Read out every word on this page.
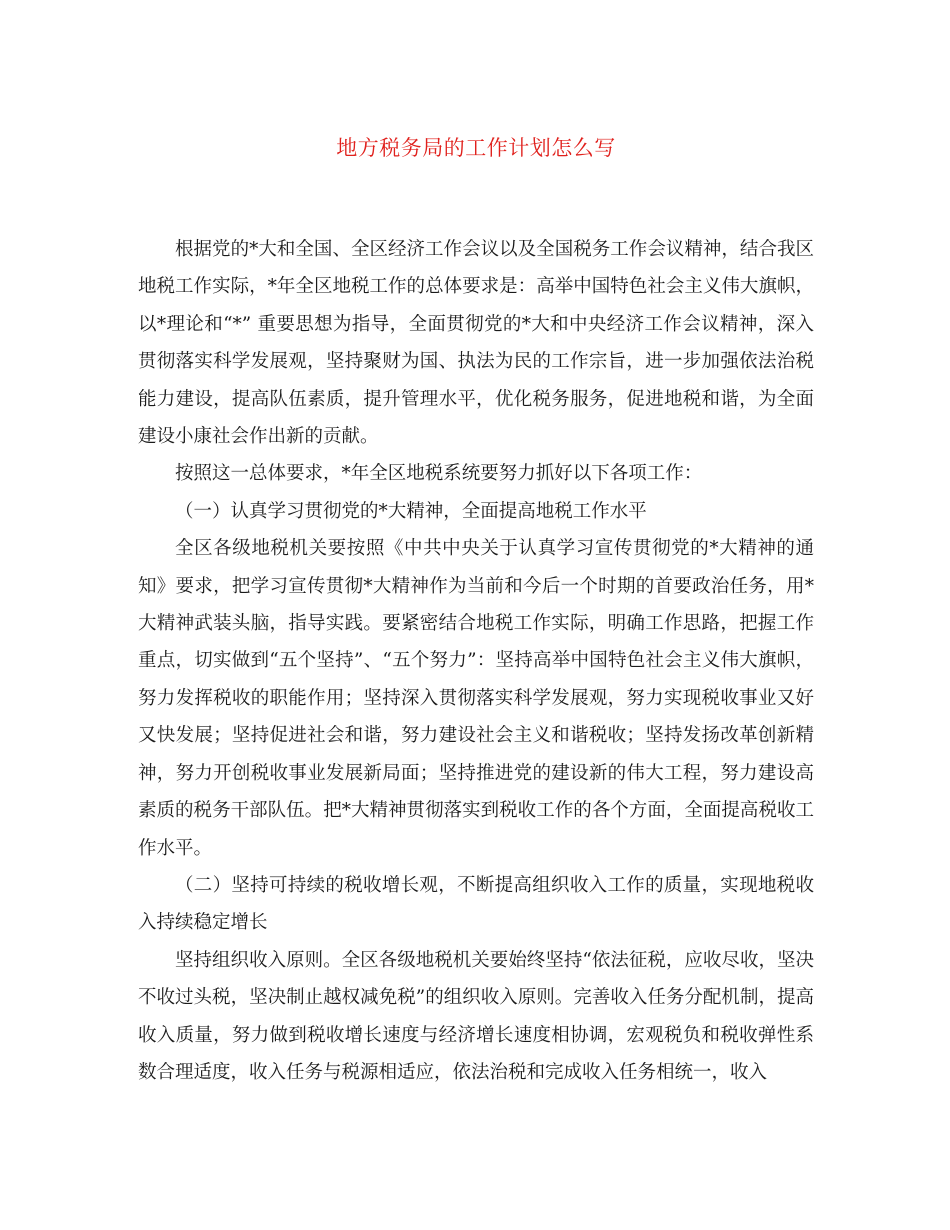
地方税务局的工作计划怎么写

根据党的*大和全国、全区经济工作会议以及全国税务工作会议精神，结合我区地税工作实际，*年全区地税工作的总体要求是：高举中国特色社会主义伟大旗帜，以*理论和“*” 重要思想为指导，全面贯彻党的*大和中央经济工作会议精神，深入贯彻落实科学发展观，坚持聚财为国、执法为民的工作宗旨，进一步加强依法治税能力建设，提高队伍素质，提升管理水平，优化税务服务，促进地税和谐，为全面建设小康社会作出新的贡献。

按照这一总体要求，*年全区地税系统要努力抓好以下各项工作：

（一）认真学习贯彻党的*大精神，全面提高地税工作水平

全区各级地税机关要按照《中共中央关于认真学习宣传贯彻党的*大精神的通知》要求，把学习宣传贯彻*大精神作为当前和今后一个时期的首要政治任务，用*大精神武装头脑，指导实践。要紧密结合地税工作实际，明确工作思路，把握工作重点，切实做到“五个坚持”、“五个努力”：坚持高举中国特色社会主义伟大旗帜，努力发挥税收的职能作用；坚持深入贯彻落实科学发展观，努力实现税收事业又好又快发展；坚持促进社会和谐，努力建设社会主义和谐税收；坚持发扬改革创新精神，努力开创税收事业发展新局面；坚持推进党的建设新的伟大工程，努力建设高素质的税务干部队伍。把*大精神贯彻落实到税收工作的各个方面，全面提高税收工作水平。

（二）坚持可持续的税收增长观，不断提高组织收入工作的质量，实现地税收入持续稳定增长

坚持组织收入原则。全区各级地税机关要始终坚持“依法征税，应收尽收，坚决不收过头税，坚决制止越权减免税”的组织收入原则。完善收入任务分配机制，提高收入质量，努力做到税收增长速度与经济增长速度相协调，宏观税负和税收弹性系数合理适度，收入任务与税源相适应，依法治税和完成收入任务相统一，收入
